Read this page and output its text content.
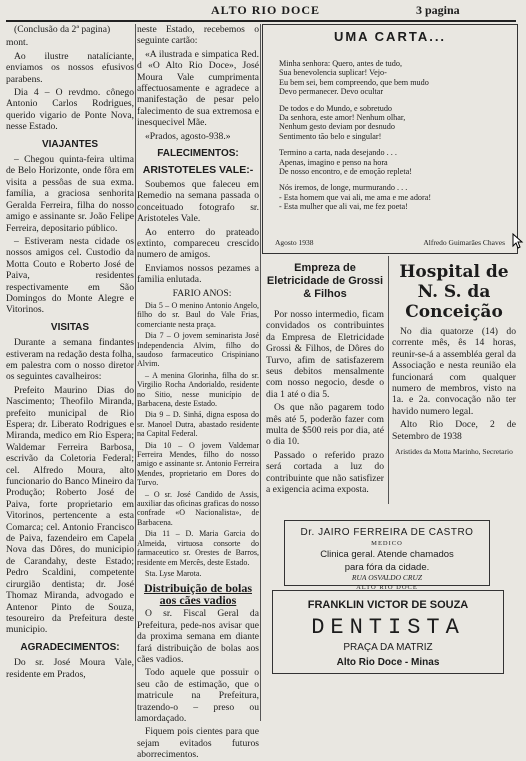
ALTO RIO DOCE	3 pagina

(Conclusão da 2ª pagina)

mont.

Ao ilustre natalíciante, enviamos os nossos efusivos parabens.

Dia 4 – O revdmo. cônego Antonio Carlos Rodrigues, querido vigario de Ponte Nova, nesse Estado.

VIAJANTES

– Chegou quinta-feira ultima de Belo Horizonte, onde fôra em visita a pessôas de sua exma. família, a graciosa senhorita Geralda Ferreira, filha do nosso amigo e assinante sr. João Felipe Ferreira, depositario público.

– Estiveram nesta cidade os nossos amigos cel. Custodio da Motta Couto e Roberto José de Paiva, residentes respectivamente em São Domingos do Monte Alegre e Vitorinos.

VISITAS

Durante a semana findantes estiveram na redação desta folha, em palestra com o nosso diretor os seguintes cavalheiros:

Prefeito Maurino Dias do Nascimento; Theofilo Miranda, prefeito municipal de Rio Espera; dr. Liberato Rodrigues e Miranda, medico em Rio Espera; Waldemar Ferreira Barbosa, escrivão da Coletoria Federal; cel. Alfredo Moura, alto funcionario do Banco Mineiro da Produção; Roberto José de Paiva, forte proprietario em Vitorinos, pertencente a esta Comarca; cel. Antonio Francisco de Paiva, fazendeiro em Capela Nova das Dôres, do municipio de Carandahy, deste Estado; Pedro Scaldini, competente cirurgião dentista; dr. José Thomaz Miranda, advogado e Antenor Pinto de Souza, tesoureiro da Prefeitura deste municipio.

AGRADECIMENTOS:

Do sr. José Moura Vale, residente em Prados,

neste Estado, recebemos o seguinte cartão:

«A ilustrada e simpatica Red. d «O Alto Rio Doce», José Moura Vale cumprimenta affectuosamente e agradece a manifestação de pesar pelo falecimento de sua extremosa e inesquecivel Mãe.

«Prados, agosto-938.»

FALECIMENTOS:
ARISTOTELES VALE:-

Soubemos que faleceu em Remedio na semana passada o conceituado fotografo sr. Aristoteles Vale.

Ao enterro do prateado extinto, compareceu crescido numero de amigos.

Enviamos nossos pezames a familia enlutada.

FARIO ANOS:

Dia 5 – O menino Antonio Angelo, filho do sr. Baul do Vale Frias, comerciante nesta praça.

Dia 7 – O jovem seminarista José Independencia Alvim, filho do saudoso farmaceutico Crispiniano Alvim.

– A menina Glorinha, filha do sr. Virgilio Rocha Andorialdo, residente no Sitio, nesse município de Barbacena, deste Estado.

Dia 9 – D. Sinhá, digna esposa do sr. Manoel Dutra, abastado residente na Capital Federal.

Dia 10 – O jovem Valdemar Ferreira Mendes, filho do nosso amigo e assinante sr. Antonio Ferreira Mendes, proprietario em Dores do Turvo.

– O sr. José Candido de Assis, auxiliar das oficinas graficas do nosso confrade «O Nacionalista», de Barbacena.

Dia 11 – D. Maria Garcia do Almeida, virtuosa consorte do farmaceutico sr. Orestes de Barros, residente em Mercês, deste Estado.

Sta. Lyse Marota.

Distribuição de bolas aos cães vadios

O sr. Fiscal Geral da Prefeitura, pede-nos avisar que da proxima semana em diante fará distribuição de bolas aos cães vadios.

Todo aquele que possuir o seu cão de estimação, que o matricule na Prefeitura, trazendo-o – preso ou amordaçado.

Fiquem pois cientes para que sejam evitados futuros aborrecimentos.

UMA CARTA...
Minha senhora: Quero, antes de tudo,
Sua benevolencia suplicar! Vejo-
Eu bem sei, bem compreendo, que bem mudo
Devo permanecer. Devo ocultar
De todos e do Mundo, e sobretudo
Da senhora, este amor! Nenhum olhar,
Nenhum gesto deviam por desnudo
Sentimento tão belo e singular!
Termino a carta, nada desejando . . .
Apenas, imagino e penso na hora
De nosso encontro, e de emoção repleta!
Nós iremos, de longe, murmurando . . .
- Esta homem que vai ali, me ama e me adora!
- Esta mulher que ali vai, me fez poeta!
Agosto 1938	Alfredo Guimarães Chaves
Empreza de Eletricidade de Grossi & Filhos

Por nosso intermedio, ficam convidados os contribuintes da Empresa de Eletricidade Grossi & Filhos, de Dôres do Turvo, afim de satisfazerem seus debitos mensalmente com nosso negocio, desde o dia 1 até o dia 5.

Os que não pagarem todo mês até 5, poderão fazer com multa de $500 reis por dia, até o dia 10.

Passado o referido prazo será cortada a luz do contribuinte que não satisfizer a exigencia acima exposta.

Hospital de N. S. da Conceição

No dia quatorze (14) do corrente mês, ês 14 horas, reunir-se-á a assembléa geral da Associação e nesta reunião ela funcionará com qualquer numero de membros, visto na 1a. e 2a. convocação não ter havido numero legal.

Alto Rio Doce, 2 de Setembro de 1938

Aristides da Motta Marinho, Secretario

Dr. JAIRO FERREIRA DE CASTRO
MEDICO
Clinica geral. Atende chamados
para fóra da cidade.
RUA OSVALDO CRUZ
ALTO RIO DOCE
FRANKLIN VICTOR DE SOUZA
DENTISTA
PRAÇA DA MATRIZ
Alto Rio Doce - Minas
